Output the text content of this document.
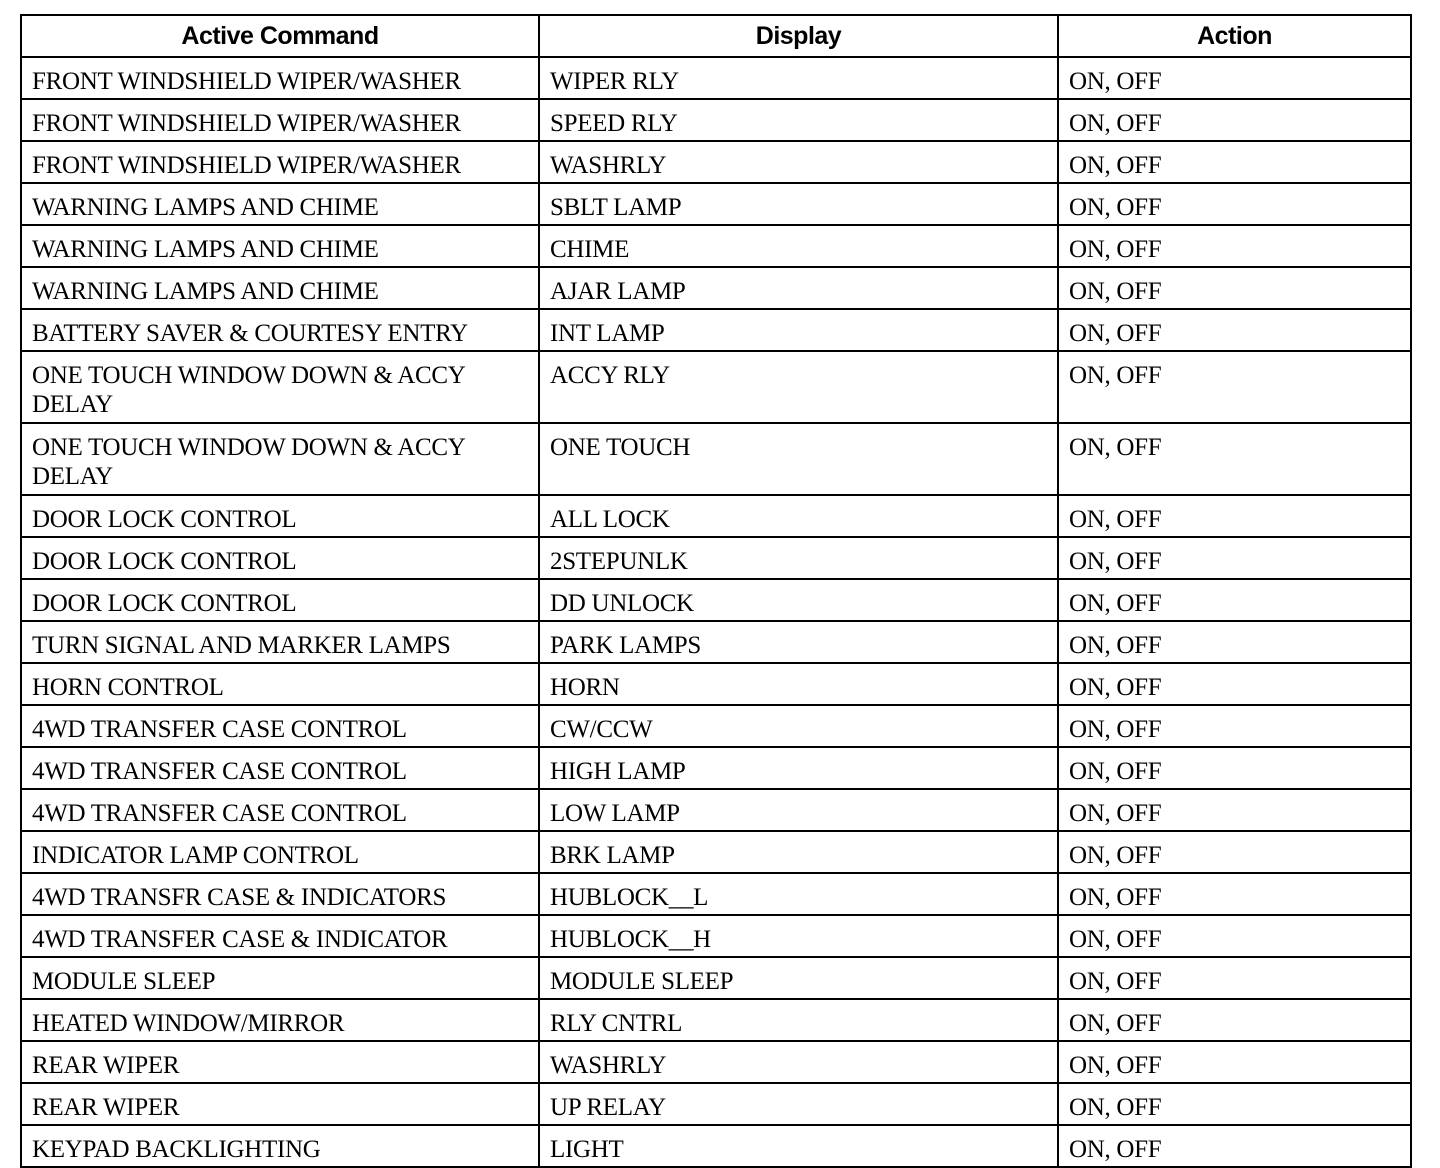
Active Command	Display	Action
FRONT WINDSHIELD WIPER/WASHER	WIPER RLY	ON, OFF
FRONT WINDSHIELD WIPER/WASHER	SPEED RLY	ON, OFF
FRONT WINDSHIELD WIPER/WASHER	WASHRLY	ON, OFF
WARNING LAMPS AND CHIME	SBLT LAMP	ON, OFF
WARNING LAMPS AND CHIME	CHIME	ON, OFF
WARNING LAMPS AND CHIME	AJAR LAMP	ON, OFF
BATTERY SAVER & COURTESY ENTRY	INT LAMP	ON, OFF
ONE TOUCH WINDOW DOWN & ACCY DELAY	ACCY RLY	ON, OFF
ONE TOUCH WINDOW DOWN & ACCY DELAY	ONE TOUCH	ON, OFF
DOOR LOCK CONTROL	ALL LOCK	ON, OFF
DOOR LOCK CONTROL	2STEPUNLK	ON, OFF
DOOR LOCK CONTROL	DD UNLOCK	ON, OFF
TURN SIGNAL AND MARKER LAMPS	PARK LAMPS	ON, OFF
HORN CONTROL	HORN	ON, OFF
4WD TRANSFER CASE CONTROL	CW/CCW	ON, OFF
4WD TRANSFER CASE CONTROL	HIGH LAMP	ON, OFF
4WD TRANSFER CASE CONTROL	LOW LAMP	ON, OFF
INDICATOR LAMP CONTROL	BRK LAMP	ON, OFF
4WD TRANSFR CASE & INDICATORS	HUBLOCK__L	ON, OFF
4WD TRANSFER CASE & INDICATOR	HUBLOCK__H	ON, OFF
MODULE SLEEP	MODULE SLEEP	ON, OFF
HEATED WINDOW/MIRROR	RLY CNTRL	ON, OFF
REAR WIPER	WASHRLY	ON, OFF
REAR WIPER	UP RELAY	ON, OFF
KEYPAD BACKLIGHTING	LIGHT	ON, OFF
